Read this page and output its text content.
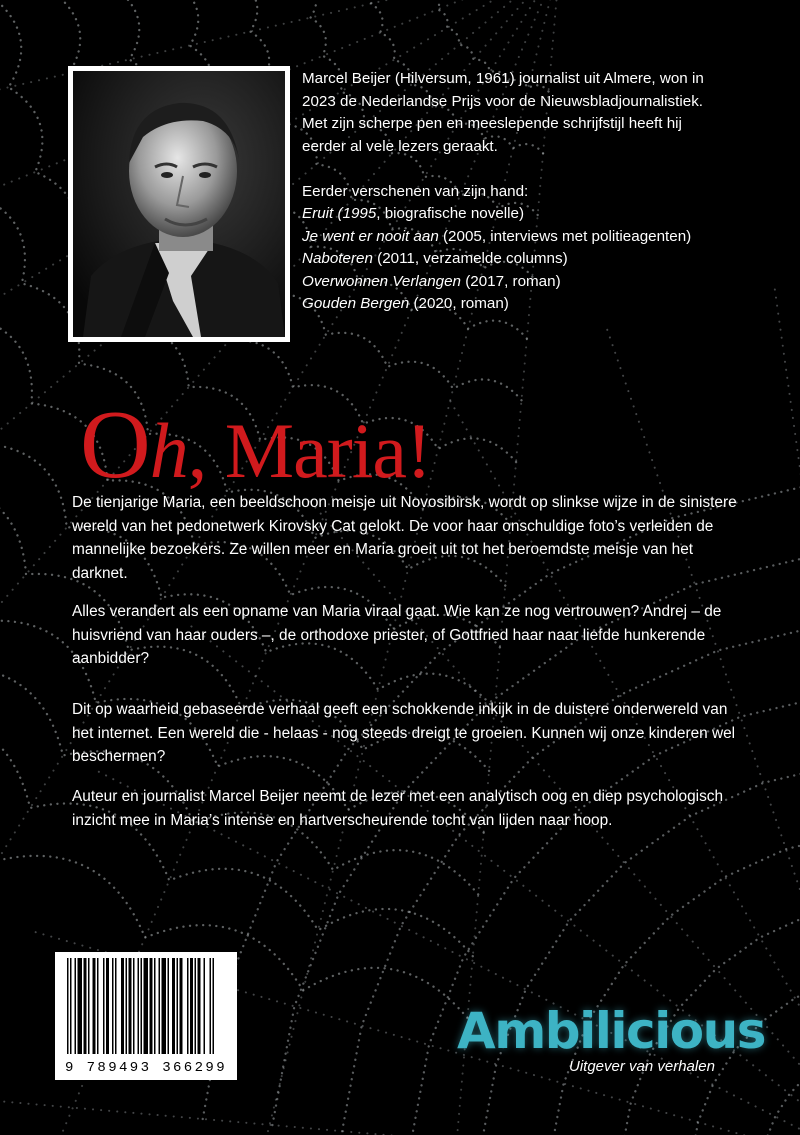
Marcel Beijer (Hilversum, 1961) journalist uit Almere, won in

2023 de Nederlandse Prijs voor de Nieuwsbladjournalistiek.

Met zijn scherpe pen en meeslepende schrijfstijl heeft hij

eerder al vele lezers geraakt.

Eerder verschenen van zijn hand:

Eruit (1995, biografische novelle)
Je went er nooit aan (2005, interviews met politieagenten)
Naboteren (2011, verzamelde columns)
Overwonnen Verlangen (2017, roman)
Gouden Bergen (2020, roman)
Oh, Maria!

De tienjarige Maria, een beeldschoon meisje uit Novosibirsk, wordt op slinkse wijze in de sinistere wereld van het pedonetwerk Kirovsky Cat gelokt. De voor haar onschuldige foto’s verleiden de mannelijke bezoekers. Ze willen meer en Maria groeit uit tot het beroemdste meisje van het darknet.

Alles verandert als een opname van Maria viraal gaat. Wie kan ze nog vertrouwen? Andrej – de huisvriend van haar ouders –, de orthodoxe priester, of Gottfried haar naar liefde hunkerende aanbidder?

Dit op waarheid gebaseerde verhaal geeft een schokkende inkijk in de duistere onderwereld van het internet. Een wereld die - helaas - nog steeds dreigt te groeien. Kunnen wij onze kinderen wel beschermen?

Auteur en journalist Marcel Beijer neemt de lezer met een analytisch oog en diep psychologisch inzicht mee in Maria’s intense en hartverscheurende tocht van lijden naar hoop.

9 789493 366299
Ambilicious
Uitgever van verhalen
